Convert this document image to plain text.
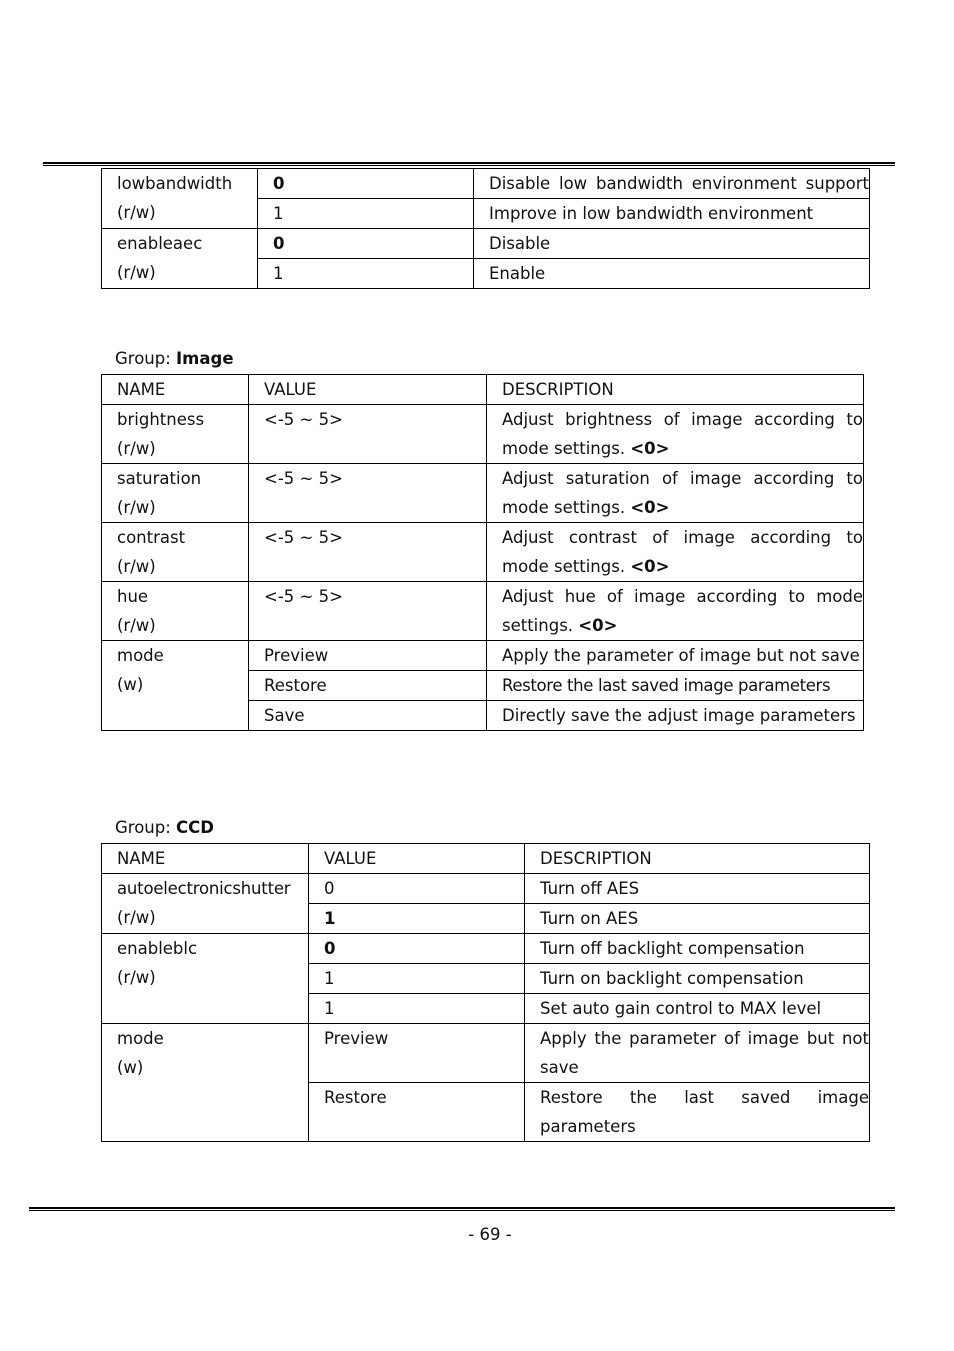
lowbandwidth
(r/w)	0	Disable low bandwidth environment support

	1	Improve in low bandwidth environment

enableaec
(r/w)	0	Disable
	1	Enable
Group: Image
NAME	VALUE	DESCRIPTION

brightness
(r/w)	<-5 ~ 5>	Adjust brightness of image according to mode settings. <0>

saturation
(r/w)	<-5 ~ 5>	Adjust saturation of image according to mode settings. <0>

contrast
(r/w)	<-5 ~ 5>	Adjust contrast of image according to mode settings. <0>

hue
(r/w)	<-5 ~ 5>	Adjust hue of image according to mode settings. <0>

mode
(w)	Preview	Apply the parameter of image but not save
	Restore	Restore the last saved image parameters
	Save	Directly save the adjust image parameters
Group: CCD
NAME	VALUE	DESCRIPTION

autoelectronicshutter
(r/w)	0	Turn off AES
	1	Turn on AES

enableblc
(r/w)	0	Turn off backlight compensation
	1	Turn on backlight compensation
	1	Set auto gain control to MAX level

mode
(w)	Preview	Apply the parameter of image but not save
	Restore	Restore the last saved image parameters
- 69 -
